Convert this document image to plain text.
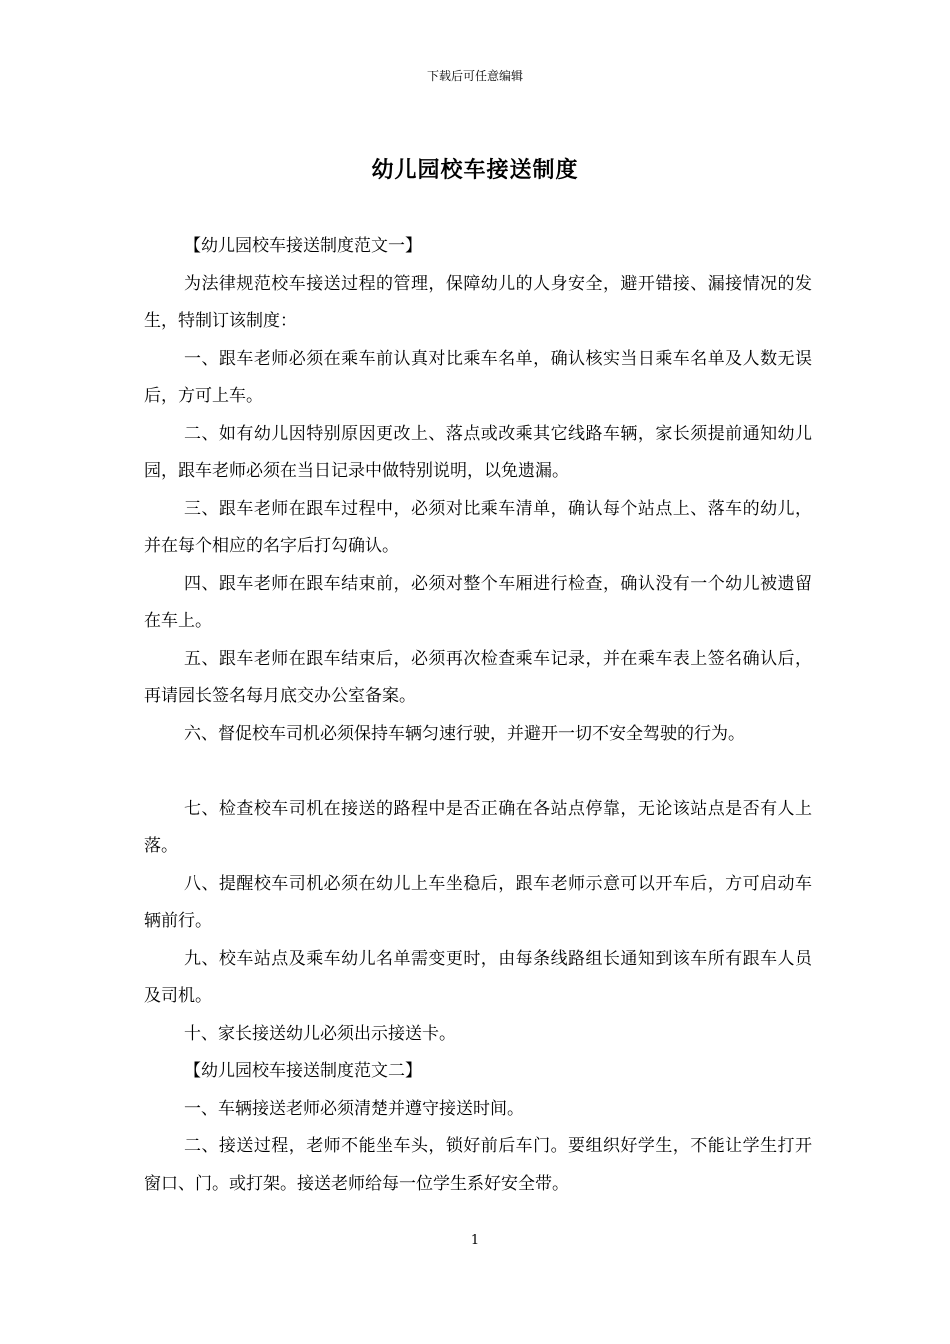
下载后可任意编辑
幼儿园校车接送制度

【幼儿园校车接送制度范文一】

为法律规范校车接送过程的管理，保障幼儿的人身安全，避开错接、漏接情况的发生，特制订该制度：

一、跟车老师必须在乘车前认真对比乘车名单，确认核实当日乘车名单及人数无误后，方可上车。

二、如有幼儿因特别原因更改上、落点或改乘其它线路车辆，家长须提前通知幼儿园，跟车老师必须在当日记录中做特别说明，以免遗漏。

三、跟车老师在跟车过程中，必须对比乘车清单，确认每个站点上、落车的幼儿，并在每个相应的名字后打勾确认。

四、跟车老师在跟车结束前，必须对整个车厢进行检查，确认没有一个幼儿被遗留在车上。

五、跟车老师在跟车结束后，必须再次检查乘车记录，并在乘车表上签名确认后，再请园长签名每月底交办公室备案。

六、督促校车司机必须保持车辆匀速行驶，并避开一切不安全驾驶的行为。

七、检查校车司机在接送的路程中是否正确在各站点停靠，无论该站点是否有人上落。

八、提醒校车司机必须在幼儿上车坐稳后，跟车老师示意可以开车后，方可启动车辆前行。

九、校车站点及乘车幼儿名单需变更时，由每条线路组长通知到该车所有跟车人员及司机。

十、家长接送幼儿必须出示接送卡。

【幼儿园校车接送制度范文二】

一、车辆接送老师必须清楚并遵守接送时间。

二、接送过程，老师不能坐车头，锁好前后车门。要组织好学生，不能让学生打开窗口、门。或打架。接送老师给每一位学生系好安全带。

1
